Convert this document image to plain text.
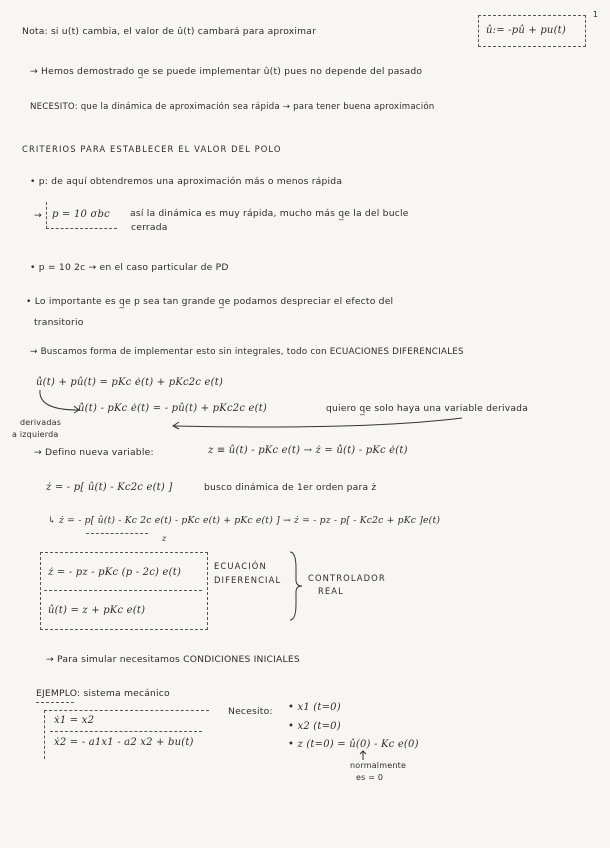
1
Nota: si u(t) cambia, el valor de û(t) cambará para aproximar	û:= -pû + pu(t)
→ Hemos demostrado q̲e se puede implementar û(t) pues no depende del pasado
NECESITO: que la dinámica de aproximación sea rápida → para tener buena aproximación
CRITERIOS PARA ESTABLECER EL VALOR DEL POLO
• p: de aquí obtendremos una aproximación más o menos rápida
→ p = 10 σbc así la dinámica es muy rápida, mucho más q̲e la del bucle
cerrada
• p = 10 2c → en el caso particular de PD
• Lo importante es q̲e p sea tan grande q̲e podamos despreciar el efecto del
transitorio
→ Buscamos forma de implementar esto sin integrales, todo con ECUACIONES DIFERENCIALES
û̇(t) + pû(t) = pKc ė(t) + pKc2c e(t)
û̇(t) - pKc ė(t) = - pû(t) + pKc2c e(t)	quiero q̲e solo haya una variable derivada
derivadas
a izquierda
→ Defino nueva variable:	z ≡ û(t) - pKc e(t) → ż = û̇(t) - pKc ė(t)
ż = - p[ û(t) - Kc2c e(t) ]	busco dinámica de 1er orden para ż
↳ ż = - p[ û(t) - Kc 2c e(t) - pKc e(t) + pKc e(t) ] → ż = - pz - p[ - Kc2c + pKc ]e(t)
z
ż = - pz - pKc (p - 2c) e(t)
û(t) = z + pKc e(t)
ECUACIÓN
DIFERENCIAL	CONTROLADOR
REAL
→ Para simular necesitamos CONDICIONES INICIALES
EJEMPLO: sistema mecánico
ẋ1 = x2
ẋ2 = - a1x1 - a2 x2 + bu(t)
Necesito: • x1 (t=0)
• x2 (t=0)
• z (t=0) = û(0) - Kc e(0)
normalmente
es = 0
